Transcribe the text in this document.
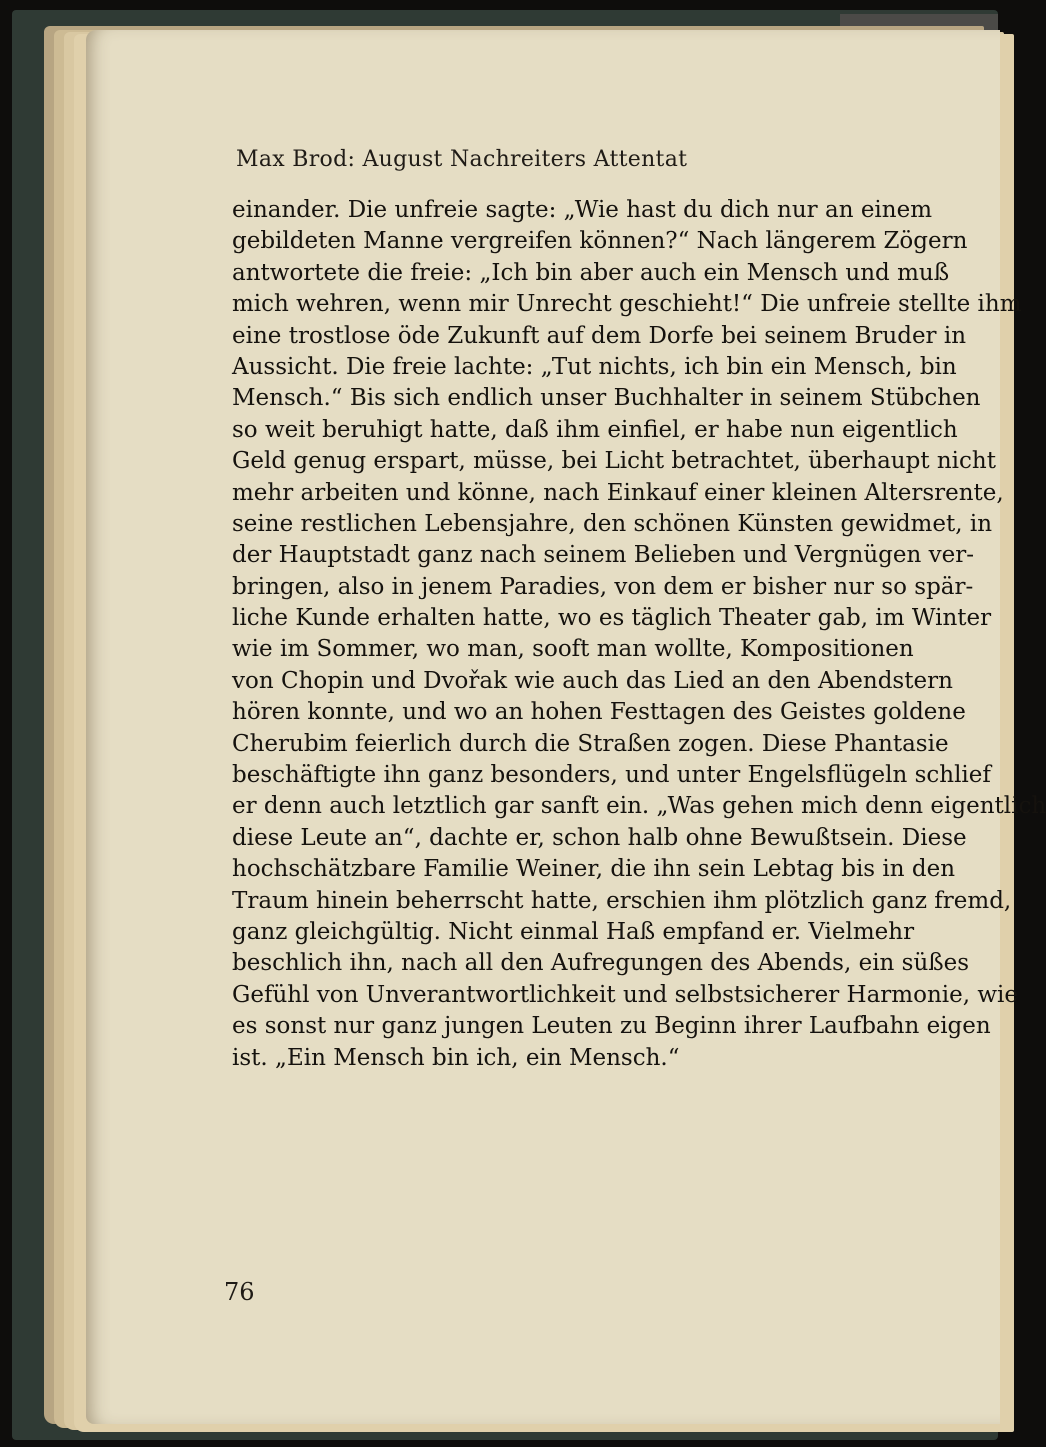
Max Brod: August Nachreiters Attentat
einander. Die unfreie sagte: „Wie hast du dich nur an einem
gebildeten Manne vergreifen können?“ Nach längerem Zögern
antwortete die freie: „Ich bin aber auch ein Mensch und muß
mich wehren, wenn mir Unrecht geschieht!“ Die unfreie stellte ihm
eine trostlose öde Zukunft auf dem Dorfe bei seinem Bruder in
Aussicht. Die freie lachte: „Tut nichts, ich bin ein Mensch, bin
Mensch.“ Bis sich endlich unser Buchhalter in seinem Stübchen
so weit beruhigt hatte, daß ihm einfiel, er habe nun eigentlich
Geld genug erspart, müsse, bei Licht betrachtet, überhaupt nicht
mehr arbeiten und könne, nach Einkauf einer kleinen Altersrente,
seine restlichen Lebensjahre, den schönen Künsten gewidmet, in
der Hauptstadt ganz nach seinem Belieben und Vergnügen ver-
bringen, also in jenem Paradies, von dem er bisher nur so spär-
liche Kunde erhalten hatte, wo es täglich Theater gab, im Winter
wie im Sommer, wo man, sooft man wollte, Kompositionen
von Chopin und Dvořak wie auch das Lied an den Abendstern
hören konnte, und wo an hohen Festtagen des Geistes goldene
Cherubim feierlich durch die Straßen zogen. Diese Phantasie
beschäftigte ihn ganz besonders, und unter Engelsflügeln schlief
er denn auch letztlich gar sanft ein. „Was gehen mich denn eigentlich
diese Leute an“, dachte er, schon halb ohne Bewußtsein. Diese
hochschätzbare Familie Weiner, die ihn sein Lebtag bis in den
Traum hinein beherrscht hatte, erschien ihm plötzlich ganz fremd,
ganz gleichgültig. Nicht einmal Haß empfand er. Vielmehr
beschlich ihn, nach all den Aufregungen des Abends, ein süßes
Gefühl von Unverantwortlichkeit und selbstsicherer Harmonie, wie
es sonst nur ganz jungen Leuten zu Beginn ihrer Laufbahn eigen
ist. „Ein Mensch bin ich, ein Mensch.“
76
